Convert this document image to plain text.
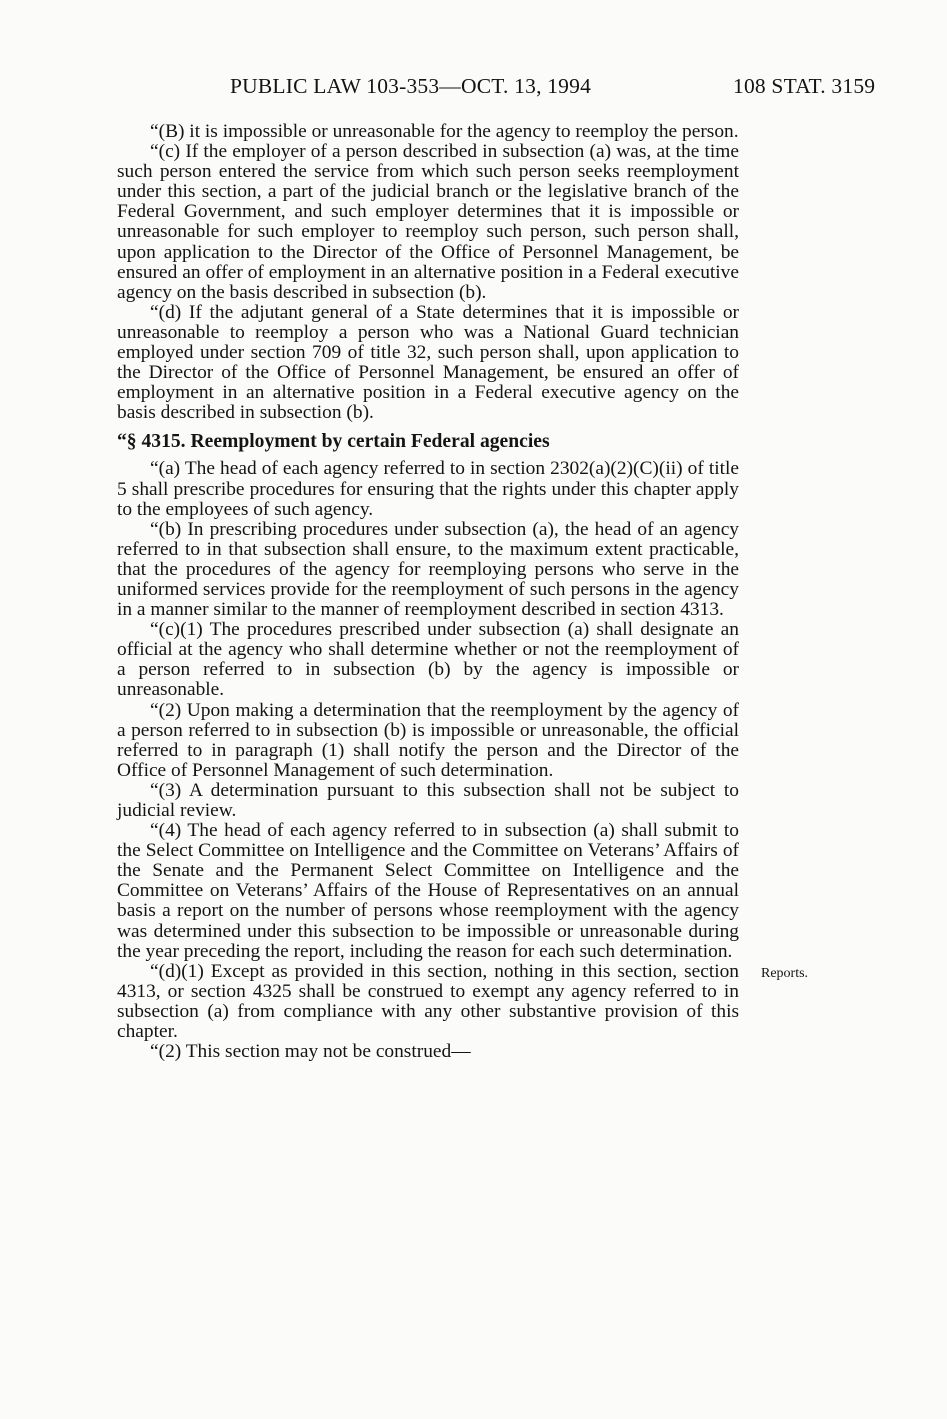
PUBLIC LAW 103-353—OCT. 13, 1994	108 STAT. 3159

“(B) it is impossible or unreasonable for the agency to reemploy the person.

“(c) If the employer of a person described in subsection (a) was, at the time such person entered the service from which such person seeks reemployment under this section, a part of the judicial branch or the legislative branch of the Federal Government, and such employer determines that it is impossible or unreasonable for such employer to reemploy such person, such person shall, upon application to the Director of the Office of Personnel Management, be ensured an offer of employment in an alternative position in a Federal executive agency on the basis described in subsection (b).

“(d) If the adjutant general of a State determines that it is impossible or unreasonable to reemploy a person who was a National Guard technician employed under section 709 of title 32, such person shall, upon application to the Director of the Office of Personnel Management, be ensured an offer of employment in an alternative position in a Federal executive agency on the basis described in subsection (b).

“§ 4315. Reemployment by certain Federal agencies

“(a) The head of each agency referred to in section 2302(a)(2)(C)(ii) of title 5 shall prescribe procedures for ensuring that the rights under this chapter apply to the employees of such agency.

“(b) In prescribing procedures under subsection (a), the head of an agency referred to in that subsection shall ensure, to the maximum extent practicable, that the procedures of the agency for reemploying persons who serve in the uniformed services provide for the reemployment of such persons in the agency in a manner similar to the manner of reemployment described in section 4313.

“(c)(1) The procedures prescribed under subsection (a) shall designate an official at the agency who shall determine whether or not the reemployment of a person referred to in subsection (b) by the agency is impossible or unreasonable.

“(2) Upon making a determination that the reemployment by the agency of a person referred to in subsection (b) is impossible or unreasonable, the official referred to in paragraph (1) shall notify the person and the Director of the Office of Personnel Management of such determination.

“(3) A determination pursuant to this subsection shall not be subject to judicial review.

“(4) The head of each agency referred to in subsection (a) shall submit to the Select Committee on Intelligence and the Committee on Veterans’ Affairs of the Senate and the Permanent Select Committee on Intelligence and the Committee on Veterans’ Affairs of the House of Representatives on an annual basis a report on the number of persons whose reemployment with the agency was determined under this subsection to be impossible or unreasonable during the year preceding the report, including the reason for each such determination.

“(d)(1) Except as provided in this section, nothing in this section, section 4313, or section 4325 shall be construed to exempt any agency referred to in subsection (a) from compliance with any other substantive provision of this chapter.

“(2) This section may not be construed—

Reports.
